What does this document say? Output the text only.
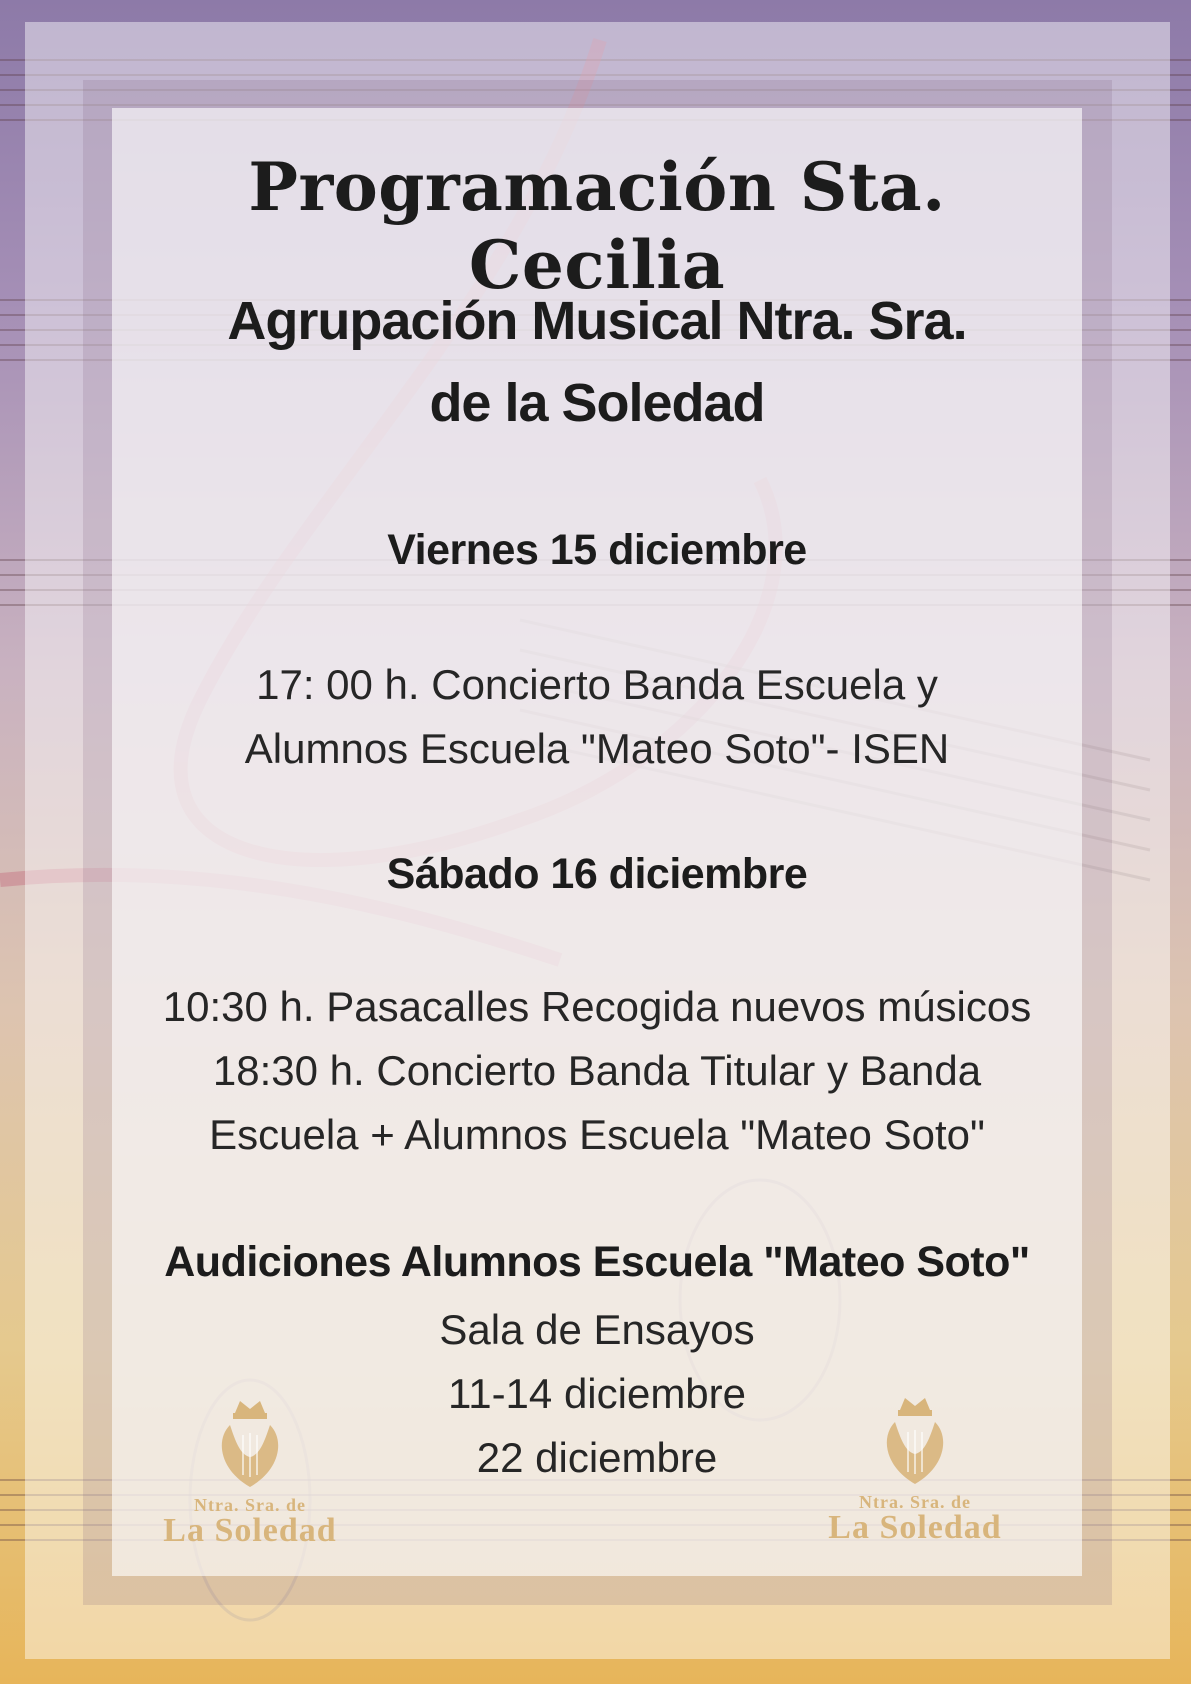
Programación Sta. Cecilia
Agrupación Musical Ntra. Sra.
de la Soledad
Viernes 15 diciembre
17: 00 h. Concierto Banda Escuela y
Alumnos Escuela "Mateo Soto"- ISEN
Sábado 16 diciembre
10:30 h. Pasacalles Recogida nuevos músicos
18:30 h. Concierto Banda Titular y Banda
Escuela + Alumnos Escuela "Mateo Soto"
Audiciones Alumnos Escuela "Mateo Soto"
Sala de Ensayos
11-14 diciembre
22 diciembre
Ntra. Sra. de
La Soledad
Ntra. Sra. de
La Soledad
